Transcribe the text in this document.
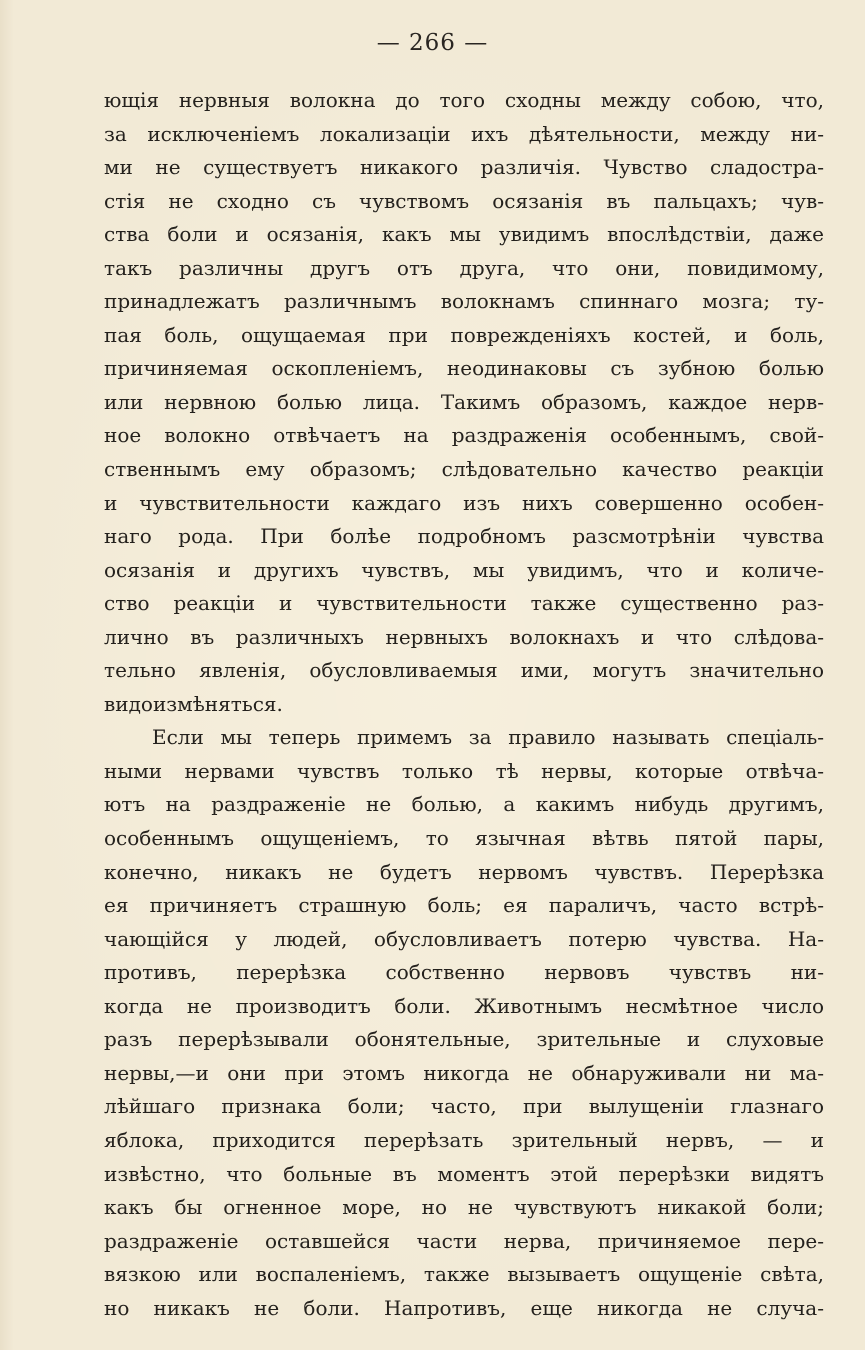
— 266 —
ющія нервныя волокна до того сходны между собою, что,
за исключеніемъ локализаціи ихъ дѣятельности, между ни-
ми не существуетъ никакого различія. Чувство сладостра-
стія не сходно съ чувствомъ осязанія въ пальцахъ; чув-
ства боли и осязанія, какъ мы увидимъ впослѣдствіи, даже
такъ различны другъ отъ друга, что они, повидимому,
принадлежатъ различнымъ волокнамъ спиннаго мозга; ту-
пая боль, ощущаемая при поврежденіяхъ костей, и боль,
причиняемая оскопленіемъ, неодинаковы съ зубною болью
или нервною болью лица. Такимъ образомъ, каждое нерв-
ное волокно отвѣчаетъ на раздраженія особеннымъ, свой-
ственнымъ ему образомъ; слѣдовательно качество реакціи
и чувствительности каждаго изъ нихъ совершенно особен-
наго рода. При болѣе подробномъ разсмотрѣніи чувства
осязанія и другихъ чувствъ, мы увидимъ, что и количе-
ство реакціи и чувствительности также существенно раз-
лично въ различныхъ нервныхъ волокнахъ и что слѣдова-
тельно явленія, обусловливаемыя ими, могутъ значительно
видоизмѣняться.
Если мы теперь примемъ за правило называть спеціаль-
ными нервами чувствъ только тѣ нервы, которые отвѣча-
ютъ на раздраженіе не болью, а какимъ нибудь другимъ,
особеннымъ ощущеніемъ, то язычная вѣтвь пятой пары,
конечно, никакъ не будетъ нервомъ чувствъ. Перерѣзка
ея причиняетъ страшную боль; ея параличъ, часто встрѣ-
чающійся у людей, обусловливаетъ потерю чувства. На-
противъ, перерѣзка собственно нервовъ чувствъ ни-
когда не производитъ боли. Животнымъ несмѣтное число
разъ перерѣзывали обонятельные, зрительные и слуховые
нервы,—и они при этомъ никогда не обнаруживали ни ма-
лѣйшаго признака боли; часто, при вылущеніи глазнаго
яблока, приходится перерѣзать зрительный нервъ, — и
извѣстно, что больные въ моментъ этой перерѣзки видятъ
какъ бы огненное море, но не чувствуютъ никакой боли;
раздраженіе оставшейся части нерва, причиняемое пере-
вязкою или воспаленіемъ, также вызываетъ ощущеніе свѣта,
но никакъ не боли. Напротивъ, еще никогда не случа-
